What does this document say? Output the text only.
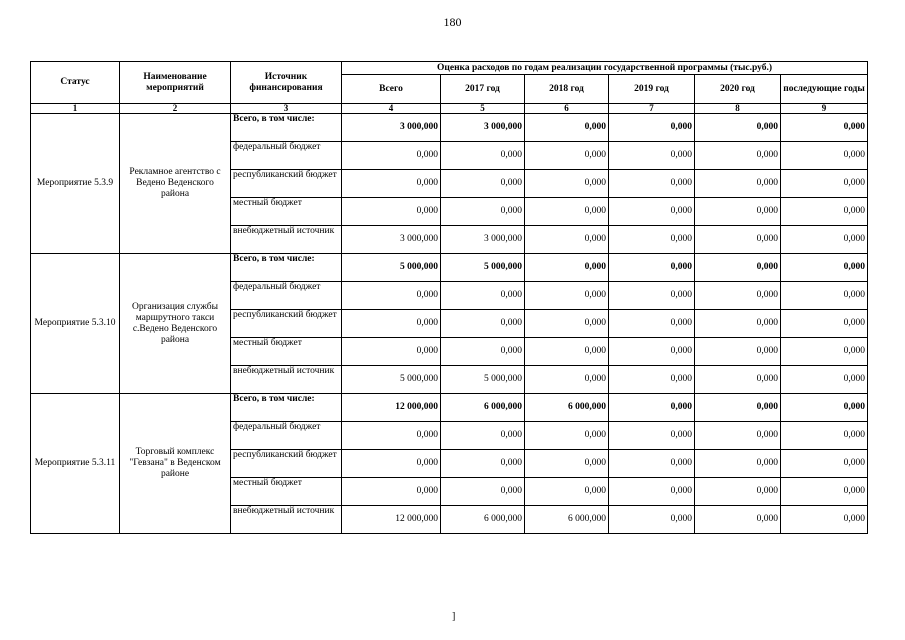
180
Статус	Наименование мероприятий	Источник финансирования	Оценка расходов по годам реализации государственной программы (тыс.руб.)					
			Всего	2017 год	2018 год	2019 год	2020 год	последующие годы
1	2	3	4	5	6	7	8	9
Мероприятие 5.3.9	Рекламное агентство с Ведено Веденского района	Всего, в том числе:	3 000,000	3 000,000	0,000	0,000	0,000	0,000
		федеральный бюджет	0,000	0,000	0,000	0,000	0,000	0,000
		республиканский бюджет	0,000	0,000	0,000	0,000	0,000	0,000
		местный бюджет	0,000	0,000	0,000	0,000	0,000	0,000
		внебюджетный источник	3 000,000	3 000,000	0,000	0,000	0,000	0,000
Мероприятие 5.3.10	Организация службы маршрутного такси с.Ведено Веденского района	Всего, в том числе:	5 000,000	5 000,000	0,000	0,000	0,000	0,000
		федеральный бюджет	0,000	0,000	0,000	0,000	0,000	0,000
		республиканский бюджет	0,000	0,000	0,000	0,000	0,000	0,000
		местный бюджет	0,000	0,000	0,000	0,000	0,000	0,000
		внебюджетный источник	5 000,000	5 000,000	0,000	0,000	0,000	0,000
Мероприятие 5.3.11	Торговый комплекс "Гевзана" в Веденском районе	Всего, в том числе:	12 000,000	6 000,000	6 000,000	0,000	0,000	0,000
		федеральный бюджет	0,000	0,000	0,000	0,000	0,000	0,000
		республиканский бюджет	0,000	0,000	0,000	0,000	0,000	0,000
		местный бюджет	0,000	0,000	0,000	0,000	0,000	0,000
		внебюджетный источник	12 000,000	6 000,000	6 000,000	0,000	0,000	0,000
]
